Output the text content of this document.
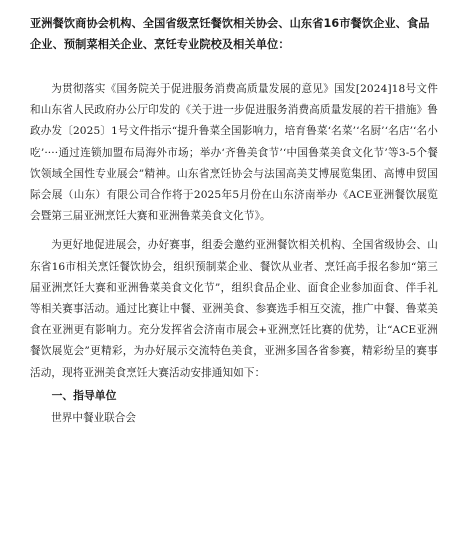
亚洲餐饮商协会机构、全国省级烹饪餐饮相关协会、山东省16市餐饮企业、食品企业、预制菜相关企业、烹饪专业院校及相关单位：

为贯彻落实《国务院关于促进服务消费高质量发展的意见》国发[2024]18号文件和山东省人民政府办公厅印发的《关于进一步促进服务消费高质量发展的若干措施》鲁政办发〔2025〕1号文件指示“提升鲁菜全国影响力，培育鲁菜‘名菜’‘名厨’‘名店’‘名小吃’····通过连锁加盟布局海外市场；举办‘齐鲁美食节’‘中国鲁菜美食文化节’等3-5个餐饮领域全国性专业展会”精神。山东省烹饪协会与法国高美艾博展览集团、高博申贸国际会展（山东）有限公司合作将于2025年5月份在山东济南举办《ACE亚洲餐饮展览会暨第三届亚洲烹饪大赛和亚洲鲁菜美食文化节》。

为更好地促进展会，办好赛事，组委会邀约亚洲餐饮相关机构、全国省级协会、山东省16市相关烹饪餐饮协会，组织预制菜企业、餐饮从业者、烹饪高手报名参加“第三届亚洲烹饪大赛和亚洲鲁菜美食文化节”，组织食品企业、面食企业参加面食、伴手礼等相关赛事活动。通过比赛让中餐、亚洲美食、参赛选手相互交流，推广中餐、鲁菜美食在亚洲更有影响力。充分发挥省会济南市展会+亚洲烹饪比赛的优势，让“ACE亚洲餐饮展览会”更精彩，为办好展示交流特色美食，亚洲多国各省参赛，精彩纷呈的赛事活动，现将亚洲美食烹饪大赛活动安排通知如下：

一、指导单位

世界中餐业联合会
